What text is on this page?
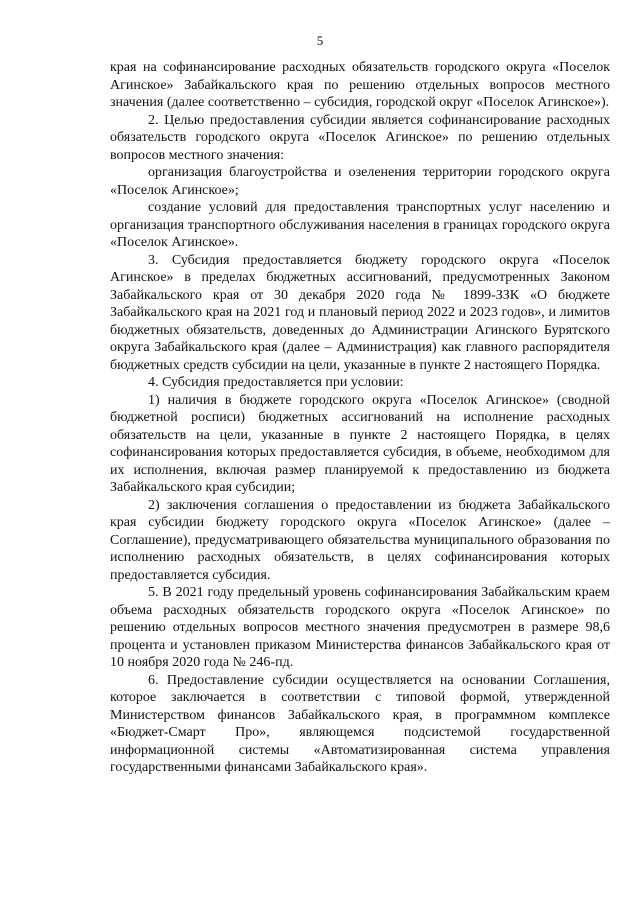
5

края на софинансирование расходных обязательств городского округа «Поселок Агинское» Забайкальского края по решению отдельных вопросов местного значения (далее соответственно – субсидия, городской округ «Поселок Агинское»).

2. Целью предоставления субсидии является софинансирование расходных обязательств городского округа «Поселок Агинское» по решению отдельных вопросов местного значения:

организация благоустройства и озеленения территории городского округа «Поселок Агинское»;

создание условий для предоставления транспортных услуг населению и организация транспортного обслуживания населения в границах городского округа «Поселок Агинское».

3. Субсидия предоставляется бюджету городского округа «Поселок Агинское» в пределах бюджетных ассигнований, предусмотренных Законом Забайкальского края от 30 декабря 2020 года № 1899-ЗЗК «О бюджете Забайкальского края на 2021 год и плановый период 2022 и 2023 годов», и лимитов бюджетных обязательств, доведенных до Администрации Агинского Бурятского округа Забайкальского края (далее – Администрация) как главного распорядителя бюджетных средств субсидии на цели, указанные в пункте 2 настоящего Порядка.

4. Субсидия предоставляется при условии:

1) наличия в бюджете городского округа «Поселок Агинское» (сводной бюджетной росписи) бюджетных ассигнований на исполнение расходных обязательств на цели, указанные в пункте 2 настоящего Порядка, в целях софинансирования которых предоставляется субсидия, в объеме, необходимом для их исполнения, включая размер планируемой к предоставлению из бюджета Забайкальского края субсидии;

2) заключения соглашения о предоставлении из бюджета Забайкальского края субсидии бюджету городского округа «Поселок Агинское» (далее – Соглашение), предусматривающего обязательства муниципального образования по исполнению расходных обязательств, в целях софинансирования которых предоставляется субсидия.

5. В 2021 году предельный уровень софинансирования Забайкальским краем объема расходных обязательств городского округа «Поселок Агинское» по решению отдельных вопросов местного значения предусмотрен в размере 98,6 процента и установлен приказом Министерства финансов Забайкальского края от 10 ноября 2020 года № 246-пд.

6. Предоставление субсидии осуществляется на основании Соглашения, которое заключается в соответствии с типовой формой, утвержденной Министерством финансов Забайкальского края, в программном комплексе «Бюджет-Смарт Про», являющемся подсистемой государственной информационной системы «Автоматизированная система управления государственными финансами Забайкальского края».
